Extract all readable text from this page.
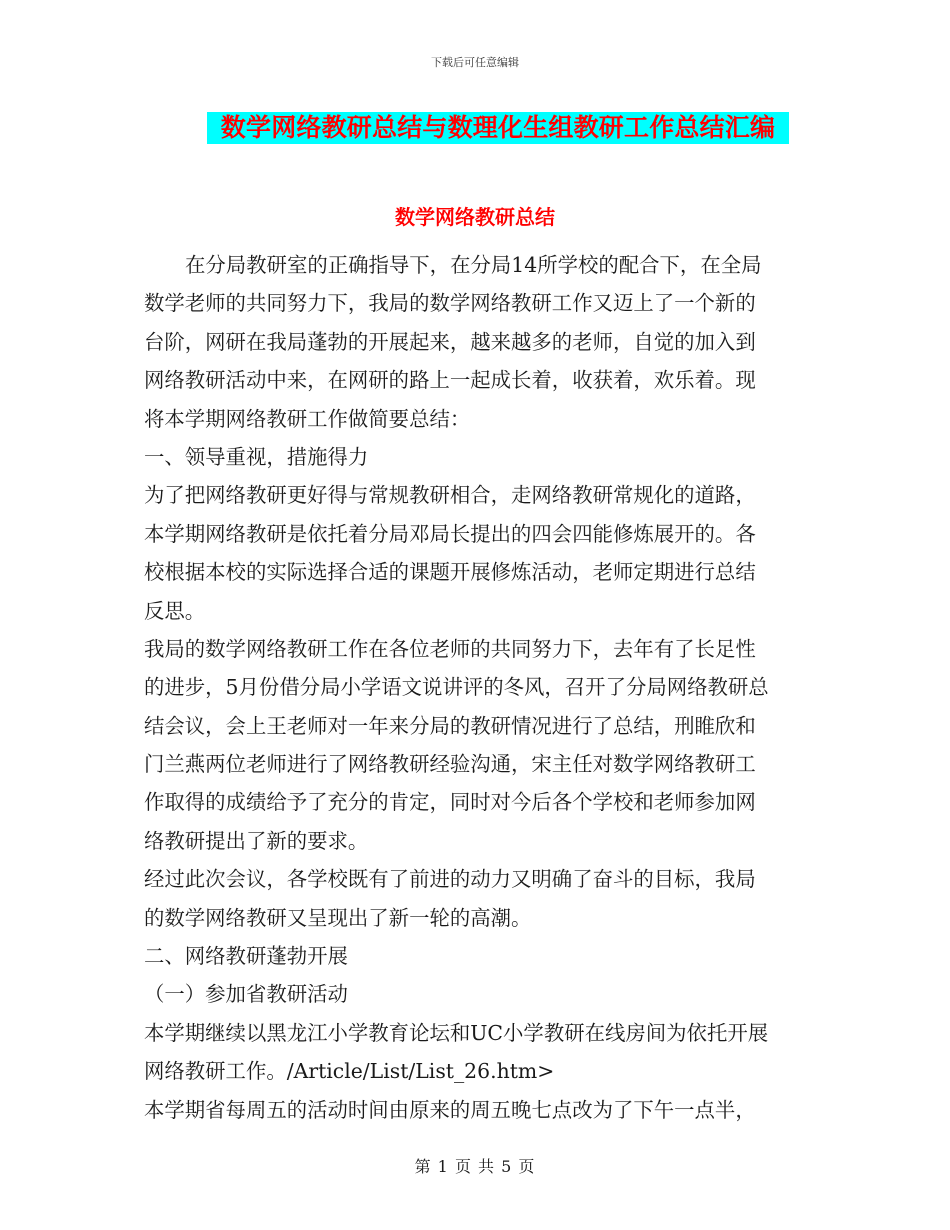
下载后可任意编辑
数学网络教研总结与数理化生组教研工作总结汇编
数学网络教研总结
在分局教研室的正确指导下，在分局14所学校的配合下，在全局
数学老师的共同努力下，我局的数学网络教研工作又迈上了一个新的
台阶，网研在我局蓬勃的开展起来，越来越多的老师，自觉的加入到
网络教研活动中来，在网研的路上一起成长着，收获着，欢乐着。现
将本学期网络教研工作做简要总结：
一、领导重视，措施得力
为了把网络教研更好得与常规教研相合，走网络教研常规化的道路，
本学期网络教研是依托着分局邓局长提出的四会四能修炼展开的。各
校根据本校的实际选择合适的课题开展修炼活动，老师定期进行总结
反思。
我局的数学网络教研工作在各位老师的共同努力下，去年有了长足性
的进步，5月份借分局小学语文说讲评的冬风，召开了分局网络教研总
结会议，会上王老师对一年来分局的教研情况进行了总结，刑睢欣和
门兰燕两位老师进行了网络教研经验沟通，宋主任对数学网络教研工
作取得的成绩给予了充分的肯定，同时对今后各个学校和老师参加网
络教研提出了新的要求。
经过此次会议，各学校既有了前进的动力又明确了奋斗的目标，我局
的数学网络教研又呈现出了新一轮的高潮。
二、网络教研蓬勃开展
（一）参加省教研活动
本学期继续以黑龙江小学教育论坛和UC小学教研在线房间为依托开展
网络教研工作。/Article/List/List_26.htm>
本学期省每周五的活动时间由原来的周五晚七点改为了下午一点半，
第 1 页 共 5 页
